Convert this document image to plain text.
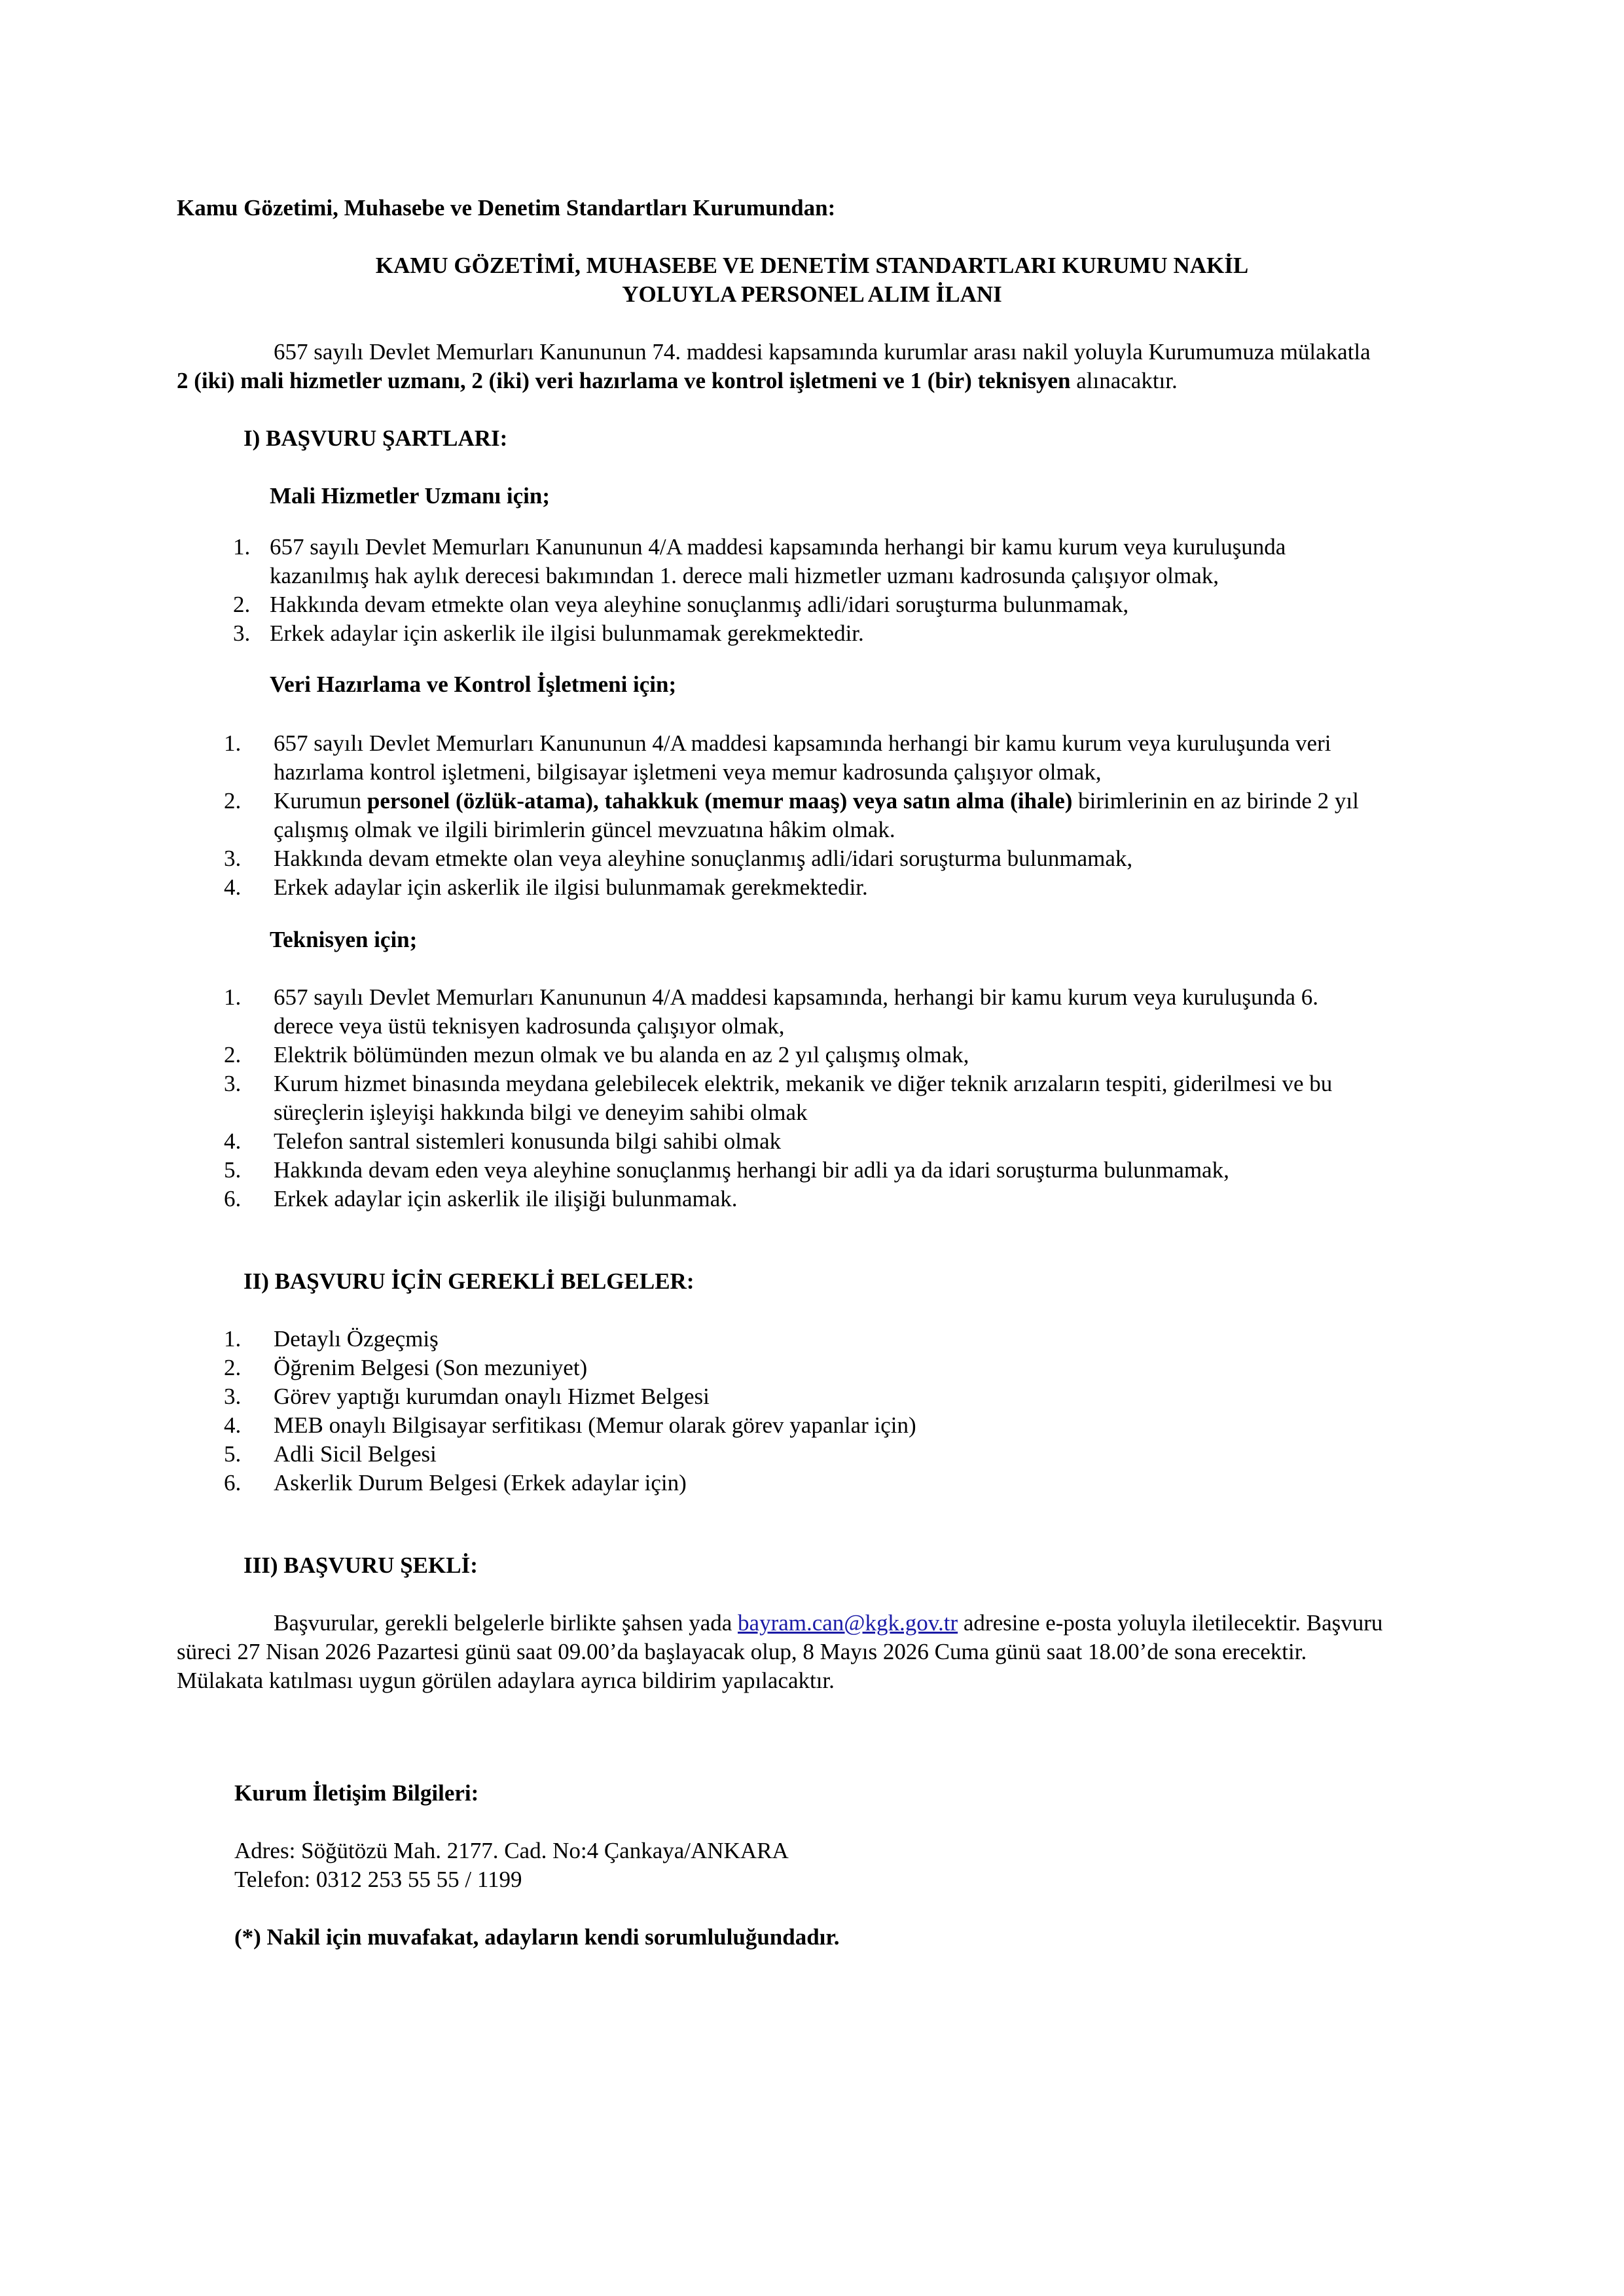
Kamu Gözetimi, Muhasebe ve Denetim Standartları Kurumundan:
KAMU GÖZETİMİ, MUHASEBE VE DENETİM STANDARTLARI KURUMU NAKİL
YOLUYLA PERSONEL ALIM İLANI
657 sayılı Devlet Memurları Kanununun 74. maddesi kapsamında kurumlar arası nakil yoluyla Kurumumuza mülakatla
2 (iki) mali hizmetler uzmanı, 2 (iki) veri hazırlama ve kontrol işletmeni ve 1 (bir) teknisyen alınacaktır.
I) BAŞVURU ŞARTLARI:
Mali Hizmetler Uzmanı için;
1. 657 sayılı Devlet Memurları Kanununun 4/A maddesi kapsamında herhangi bir kamu kurum veya kuruluşunda
kazanılmış hak aylık derecesi bakımından 1. derece mali hizmetler uzmanı kadrosunda çalışıyor olmak,
2. Hakkında devam etmekte olan veya aleyhine sonuçlanmış adli/idari soruşturma bulunmamak,
3. Erkek adaylar için askerlik ile ilgisi bulunmamak gerekmektedir.
Veri Hazırlama ve Kontrol İşletmeni için;
1. 657 sayılı Devlet Memurları Kanununun 4/A maddesi kapsamında herhangi bir kamu kurum veya kuruluşunda veri
hazırlama kontrol işletmeni, bilgisayar işletmeni veya memur kadrosunda çalışıyor olmak,
2. Kurumun personel (özlük-atama), tahakkuk (memur maaş) veya satın alma (ihale) birimlerinin en az birinde 2 yıl
çalışmış olmak ve ilgili birimlerin güncel mevzuatına hâkim olmak.
3. Hakkında devam etmekte olan veya aleyhine sonuçlanmış adli/idari soruşturma bulunmamak,
4. Erkek adaylar için askerlik ile ilgisi bulunmamak gerekmektedir.
Teknisyen için;
1. 657 sayılı Devlet Memurları Kanununun 4/A maddesi kapsamında, herhangi bir kamu kurum veya kuruluşunda 6.
derece veya üstü teknisyen kadrosunda çalışıyor olmak,
2. Elektrik bölümünden mezun olmak ve bu alanda en az 2 yıl çalışmış olmak,
3. Kurum hizmet binasında meydana gelebilecek elektrik, mekanik ve diğer teknik arızaların tespiti, giderilmesi ve bu
süreçlerin işleyişi hakkında bilgi ve deneyim sahibi olmak
4. Telefon santral sistemleri konusunda bilgi sahibi olmak
5. Hakkında devam eden veya aleyhine sonuçlanmış herhangi bir adli ya da idari soruşturma bulunmamak,
6. Erkek adaylar için askerlik ile ilişiği bulunmamak.
II) BAŞVURU İÇİN GEREKLİ BELGELER:
1. Detaylı Özgeçmiş
2. Öğrenim Belgesi (Son mezuniyet)
3. Görev yaptığı kurumdan onaylı Hizmet Belgesi
4. MEB onaylı Bilgisayar serfitikası (Memur olarak görev yapanlar için)
5. Adli Sicil Belgesi
6. Askerlik Durum Belgesi (Erkek adaylar için)
III) BAŞVURU ŞEKLİ:
Başvurular, gerekli belgelerle birlikte şahsen yada bayram.can@kgk.gov.tr adresine e-posta yoluyla iletilecektir. Başvuru
süreci 27 Nisan 2026 Pazartesi günü saat 09.00’da başlayacak olup, 8 Mayıs 2026 Cuma günü saat 18.00’de sona erecektir.
Mülakata katılması uygun görülen adaylara ayrıca bildirim yapılacaktır.
Kurum İletişim Bilgileri:
Adres: Söğütözü Mah. 2177. Cad. No:4 Çankaya/ANKARA
Telefon: 0312 253 55 55 / 1199
(*) Nakil için muvafakat, adayların kendi sorumluluğundadır.
